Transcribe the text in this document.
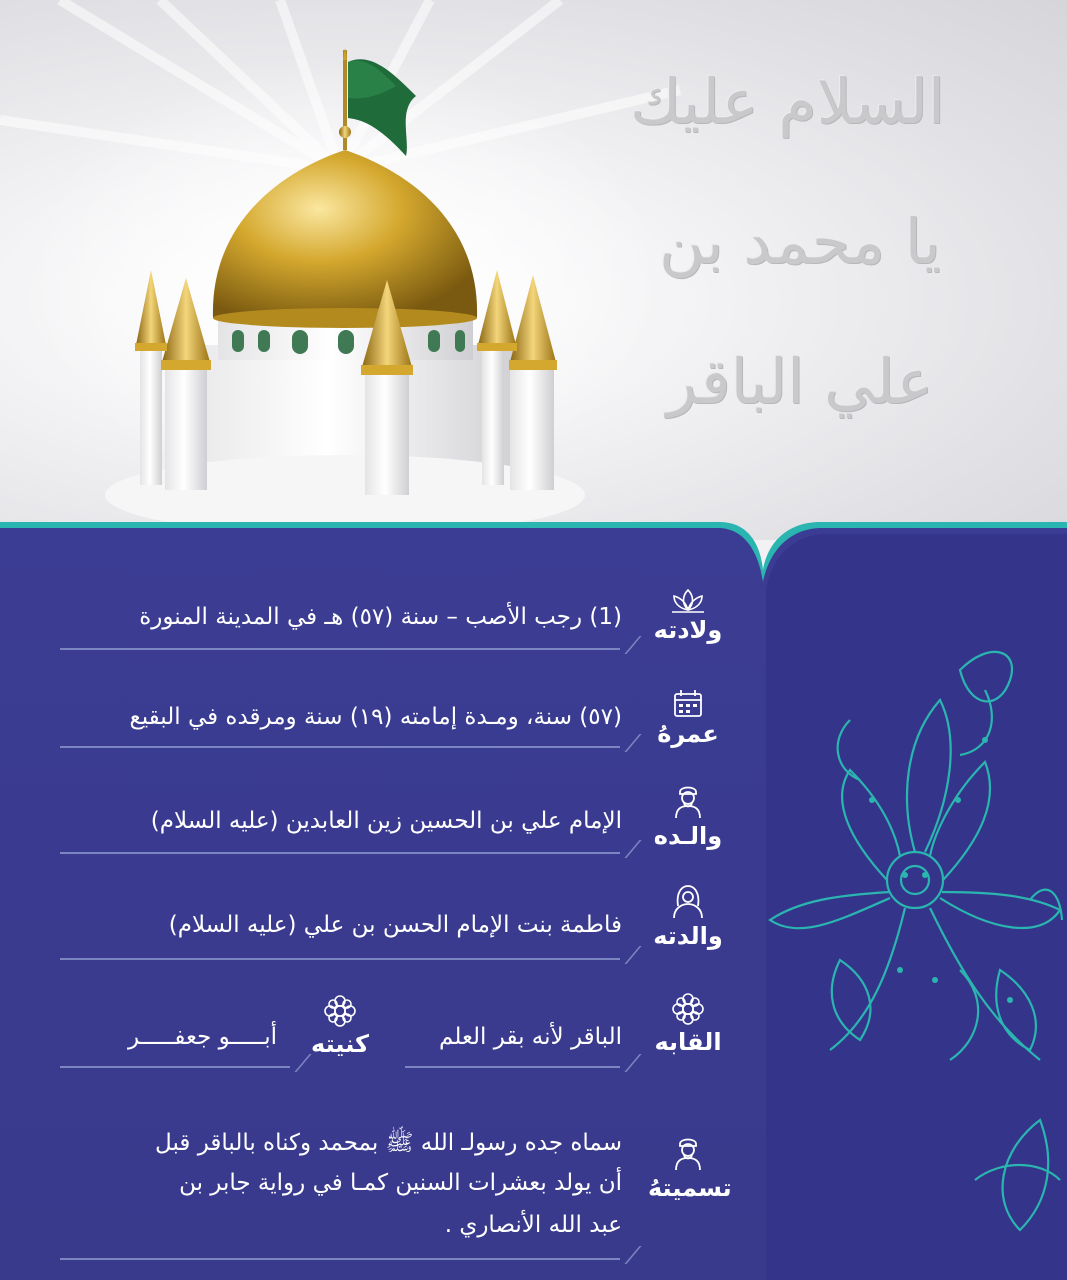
السلام عليك
يا محمد بن
علي الباقر
ولادته
(1) رجب الأصب – سنة (٥٧) هـ في المدينة المنورة
عمرهُ
(٥٧) سنة، ومـدة إمامته (١٩) سنة ومرقده في البقيع
والـده
الإمام علي بن الحسين زين العابدين (عليه السلام)
والدته
فاطمة بنت الإمام الحسن بن علي (عليه السلام)
القابه
الباقر لأنه بقر العلم
كنيته
أبـــــو جعفـــــر
تسميتهُ
سماه جده رسولـ الله ﷺ بمحمد وكناه بالباقر قبل
أن يولد بعشرات السنين كمـا في رواية جابر بن
عبد الله الأنصاري .
